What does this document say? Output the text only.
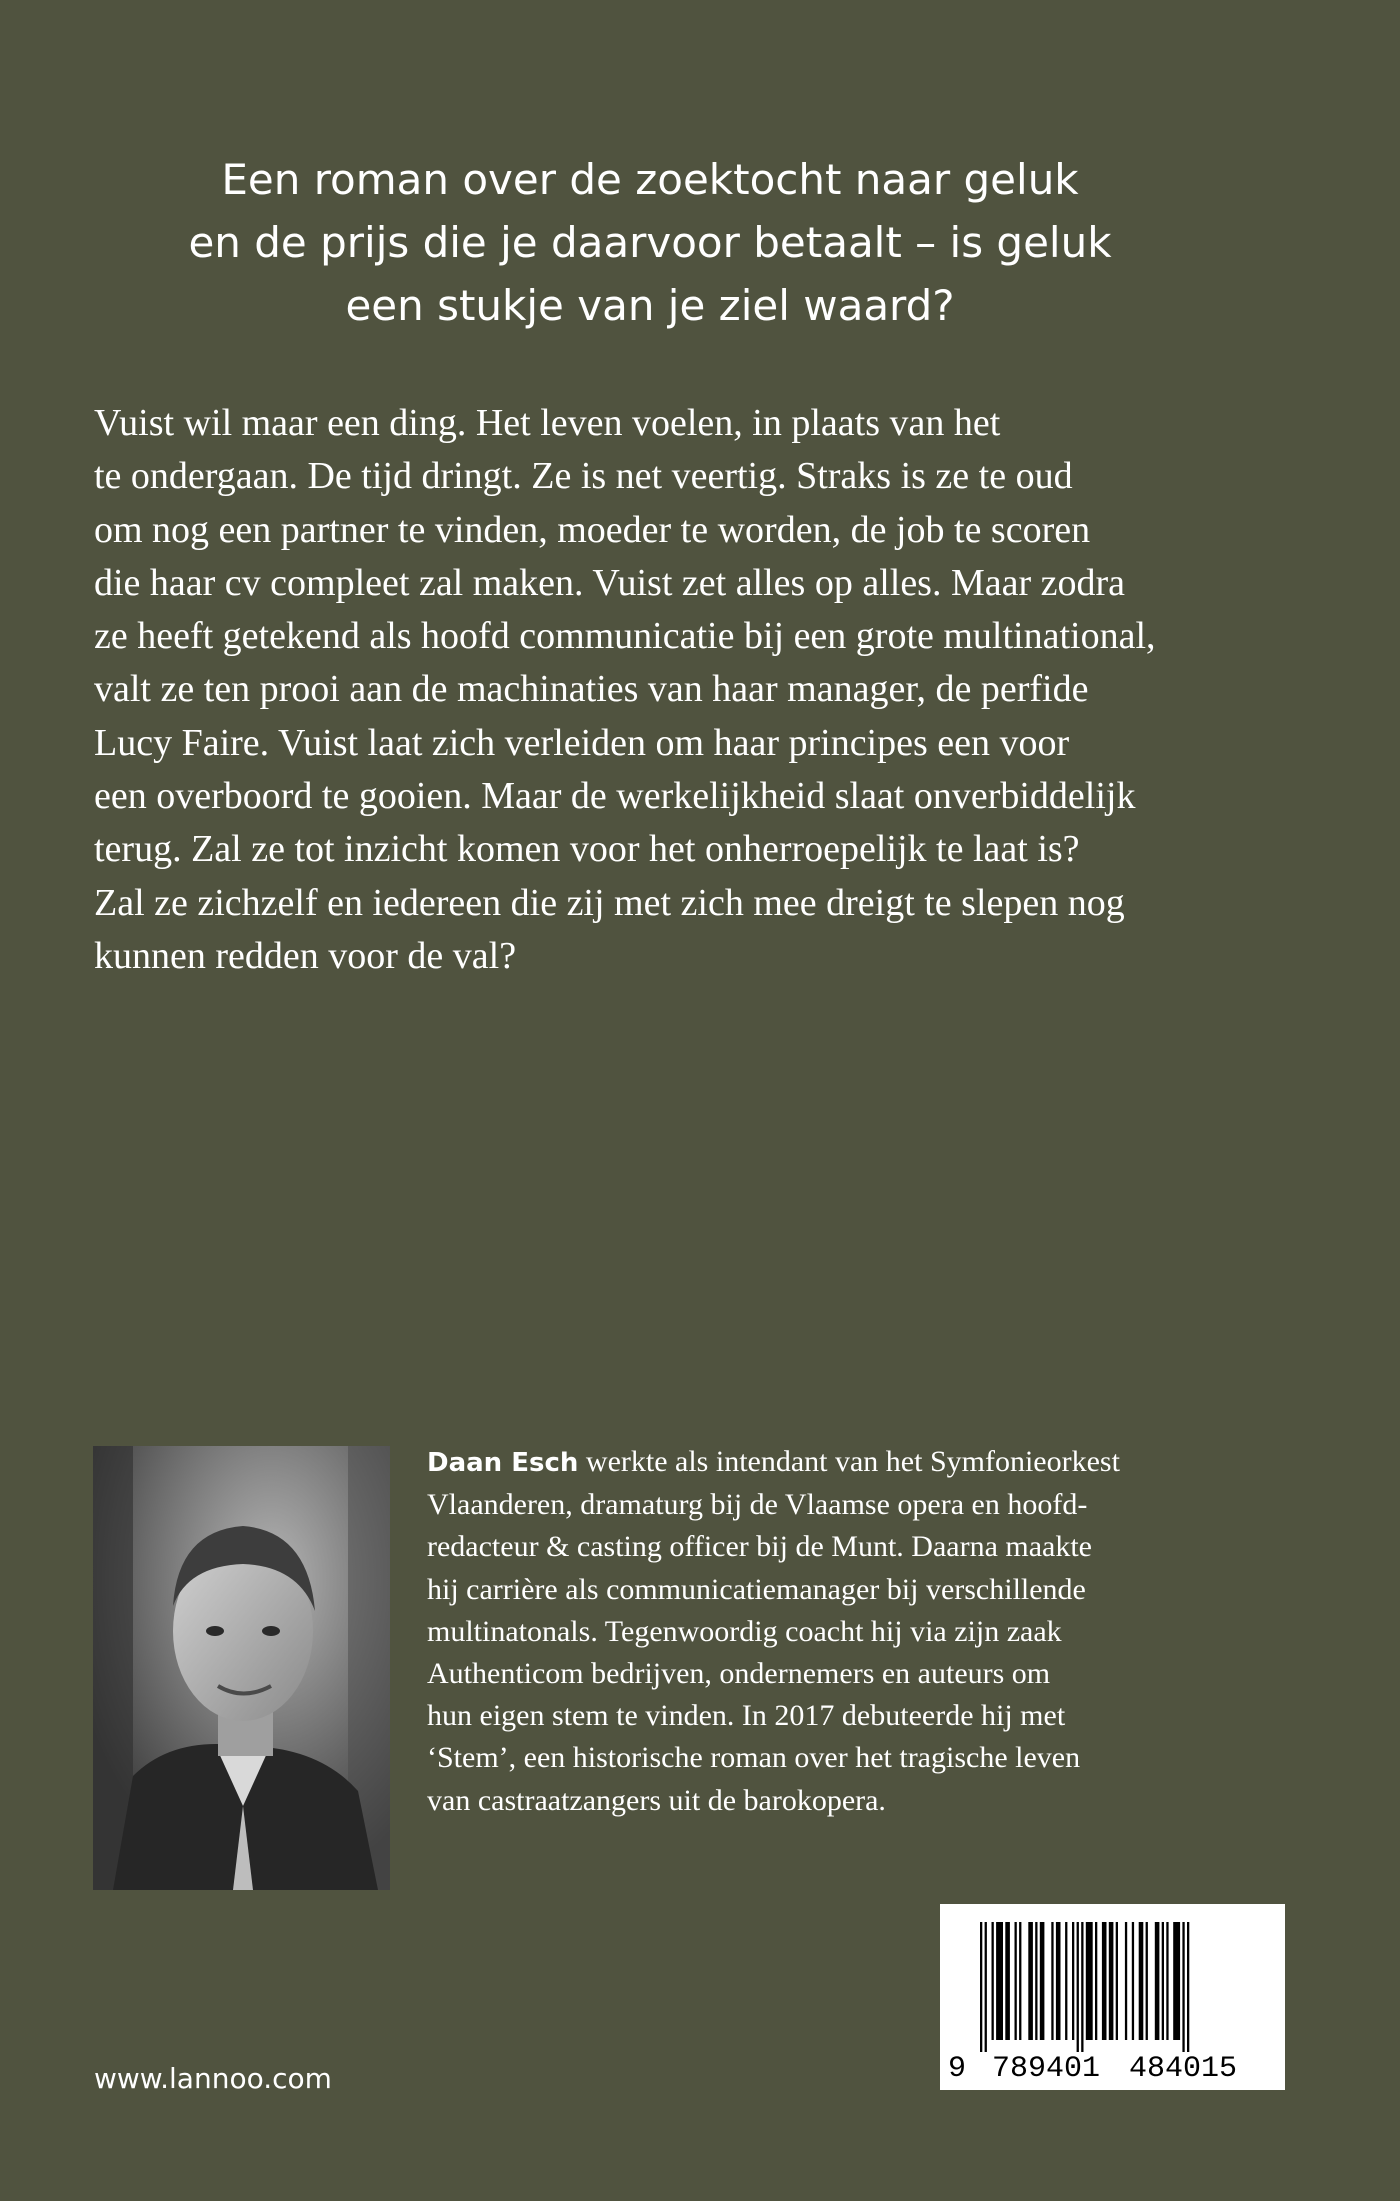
Een roman over de zoektocht naar geluk
en de prijs die je daarvoor betaalt – is geluk
een stukje van je ziel waard?
Vuist wil maar een ding. Het leven voelen, in plaats van het
te ondergaan. De tijd dringt. Ze is net veertig. Straks is ze te oud
om nog een partner te vinden, moeder te worden, de job te scoren
die haar cv compleet zal maken. Vuist zet alles op alles. Maar zodra
ze heeft getekend als hoofd communicatie bij een grote multinational,
valt ze ten prooi aan de machinaties van haar manager, de perfide
Lucy Faire. Vuist laat zich verleiden om haar principes een voor
een overboord te gooien. Maar de werkelijkheid slaat onverbiddelijk
terug. Zal ze tot inzicht komen voor het onherroepelijk te laat is?
Zal ze zichzelf en iedereen die zij met zich mee dreigt te slepen nog
kunnen redden voor de val?
Daan Esch werkte als intendant van het Symfonieorkest
Vlaanderen, dramaturg bij de Vlaamse opera en hoofd-
redacteur & casting officer bij de Munt. Daarna maakte
hij carrière als communicatiemanager bij verschillende
multinatonals. Tegenwoordig coacht hij via zijn zaak
Authenticom bedrijven, ondernemers en auteurs om
hun eigen stem te vinden. In 2017 debuteerde hij met
‘Stem’, een historische roman over het tragische leven
van castraatzangers uit de barokopera.
www.lannoo.com	9 789401 484015
